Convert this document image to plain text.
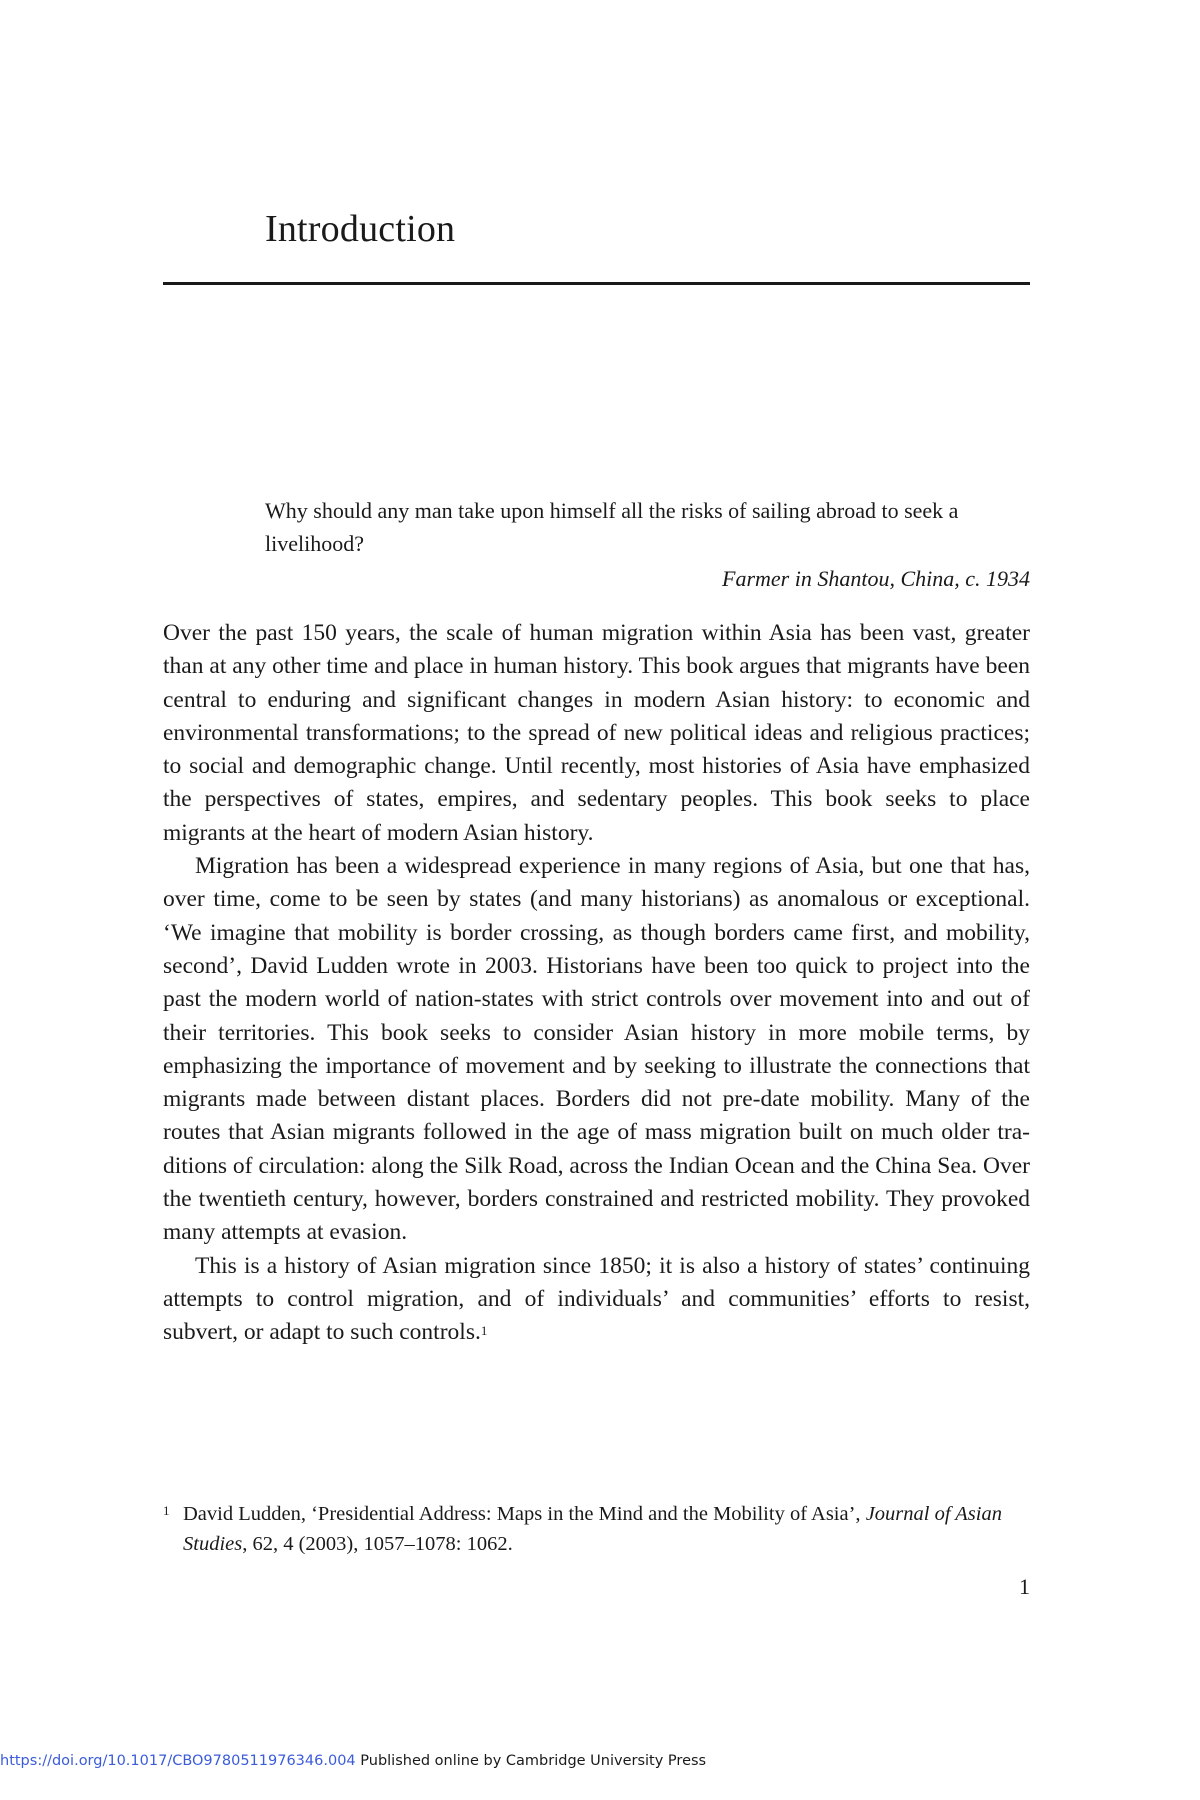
Introduction

Why should any man take upon himself all the risks of sailing abroad to seek a livelihood?

Farmer in Shantou, China, c. 1934

Over the past 150 years, the scale of human migration within Asia has been vast, greater than at any other time and place in human history. This book argues that migrants have been central to enduring and significant changes in modern Asian history: to economic and environmental transformations; to the spread of new political ideas and religious practices; to social and demographic change. Until recently, most histories of Asia have emphasized the perspectives of states, empires, and sedentary peoples. This book seeks to place migrants at the heart of modern Asian history.

Migration has been a widespread experience in many regions of Asia, but one that has, over time, come to be seen by states (and many historians) as anomalous or exceptional. ‘We imagine that mobility is border crossing, as though borders came first, and mobility, second’, David Ludden wrote in 2003. Historians have been too quick to project into the past the modern world of nation-states with strict controls over movement into and out of their territories. This book seeks to consider Asian history in more mobile terms, by emphasizing the importance of movement and by seeking to illustrate the connections that migrants made between distant places. Borders did not pre-date mobility. Many of the routes that Asian migrants followed in the age of mass migration built on much older traditions of circulation: along the Silk Road, across the Indian Ocean and the China Sea. Over the twentieth century, however, borders constrained and restricted mobility. They provoked many attempts at evasion.

This is a history of Asian migration since 1850; it is also a history of states’ continuing attempts to control migration, and of individuals’ and communities’ efforts to resist, subvert, or adapt to such controls.$^1$

1 David Ludden, ‘Presidential Address: Maps in the Mind and the Mobility of Asia’, Journal of Asian Studies, 62, 4 (2003), 1057–1078: 1062.
1
https://doi.org/10.1017/CBO9780511976346.004 Published online by Cambridge University Press
